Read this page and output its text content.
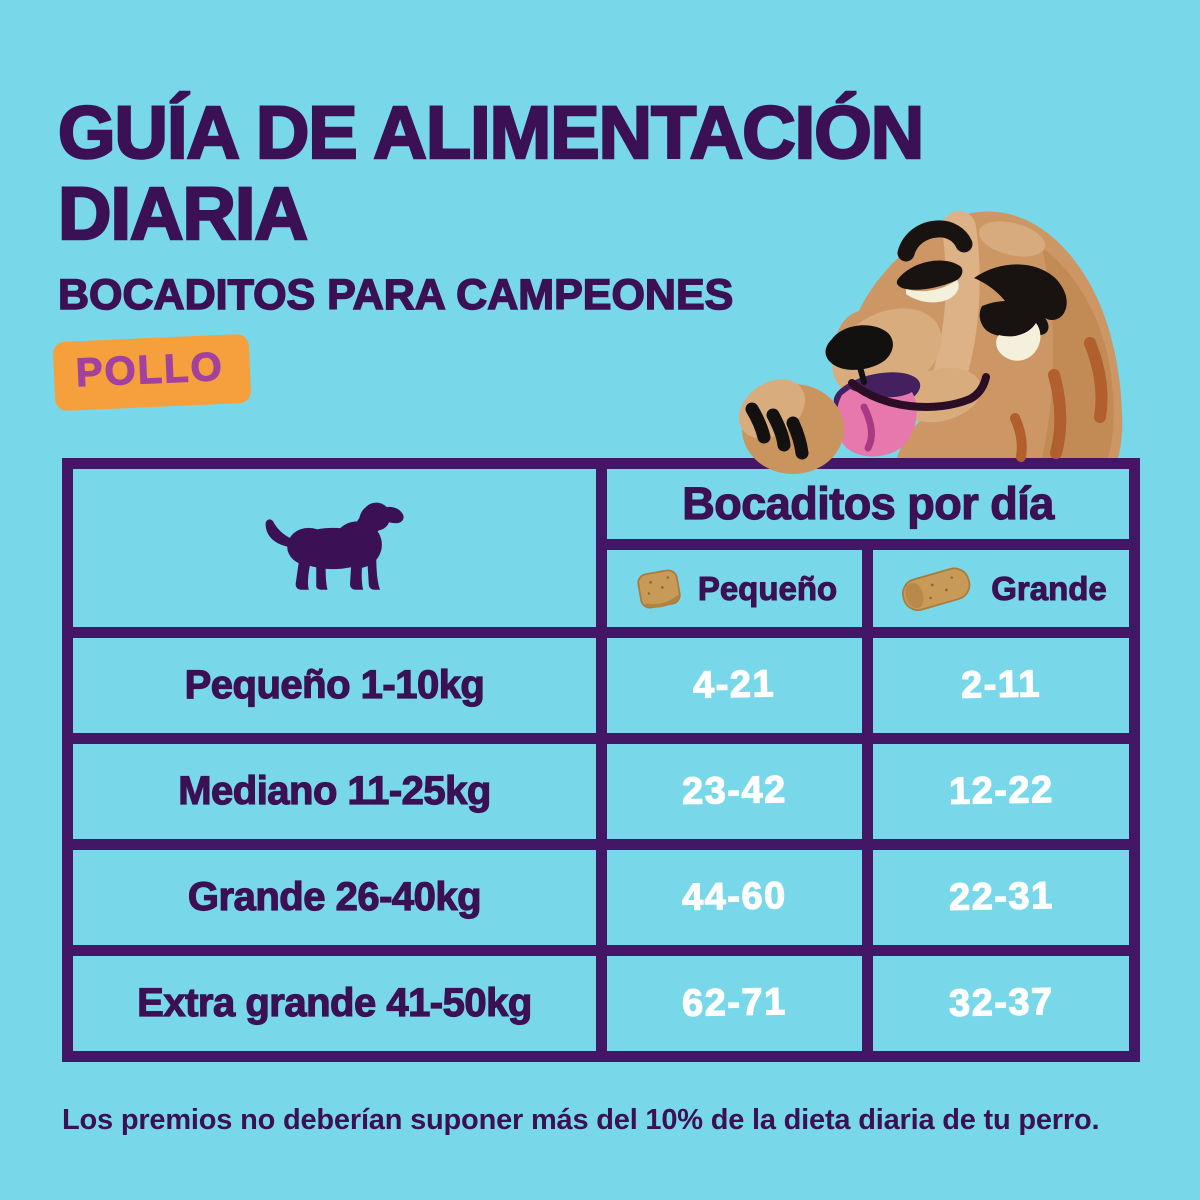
GUÍA DE ALIMENTACIÓN
DIARIA
BOCADITOS PARA CAMPEONES
POLLO
Bocaditos por día
Pequeño	Grande
Pequeño 1-10kg	4-21	2-11
Mediano 11-25kg	23-42	12-22
Grande 26-40kg	44-60	22-31
Extra grande 41-50kg	62-71	32-37
Los premios no deberían suponer más del 10% de la dieta diaria de tu perro.
